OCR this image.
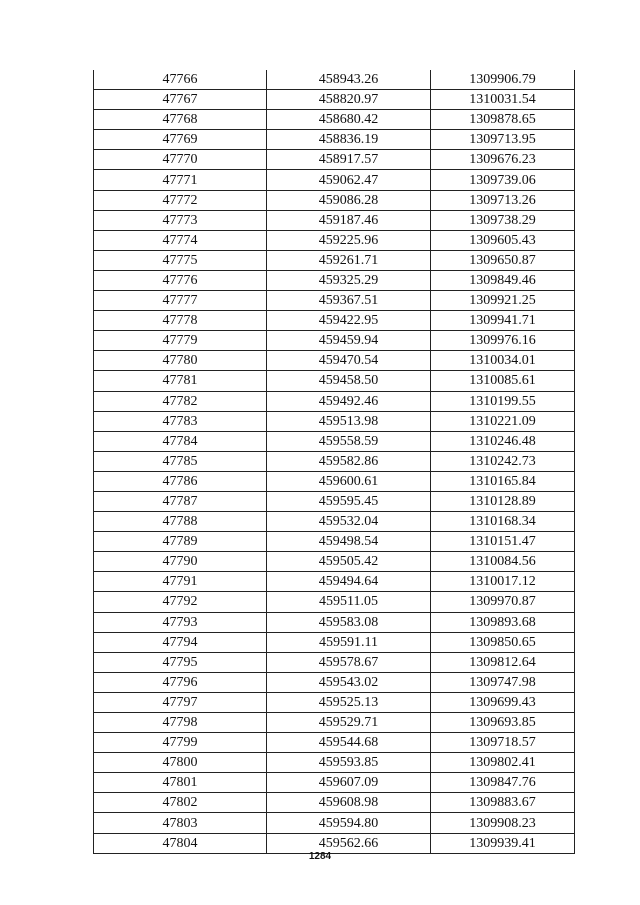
47766	458943.26	1309906.79
47767	458820.97	1310031.54
47768	458680.42	1309878.65
47769	458836.19	1309713.95
47770	458917.57	1309676.23
47771	459062.47	1309739.06
47772	459086.28	1309713.26
47773	459187.46	1309738.29
47774	459225.96	1309605.43
47775	459261.71	1309650.87
47776	459325.29	1309849.46
47777	459367.51	1309921.25
47778	459422.95	1309941.71
47779	459459.94	1309976.16
47780	459470.54	1310034.01
47781	459458.50	1310085.61
47782	459492.46	1310199.55
47783	459513.98	1310221.09
47784	459558.59	1310246.48
47785	459582.86	1310242.73
47786	459600.61	1310165.84
47787	459595.45	1310128.89
47788	459532.04	1310168.34
47789	459498.54	1310151.47
47790	459505.42	1310084.56
47791	459494.64	1310017.12
47792	459511.05	1309970.87
47793	459583.08	1309893.68
47794	459591.11	1309850.65
47795	459578.67	1309812.64
47796	459543.02	1309747.98
47797	459525.13	1309699.43
47798	459529.71	1309693.85
47799	459544.68	1309718.57
47800	459593.85	1309802.41
47801	459607.09	1309847.76
47802	459608.98	1309883.67
47803	459594.80	1309908.23
47804	459562.66	1309939.41
1284
